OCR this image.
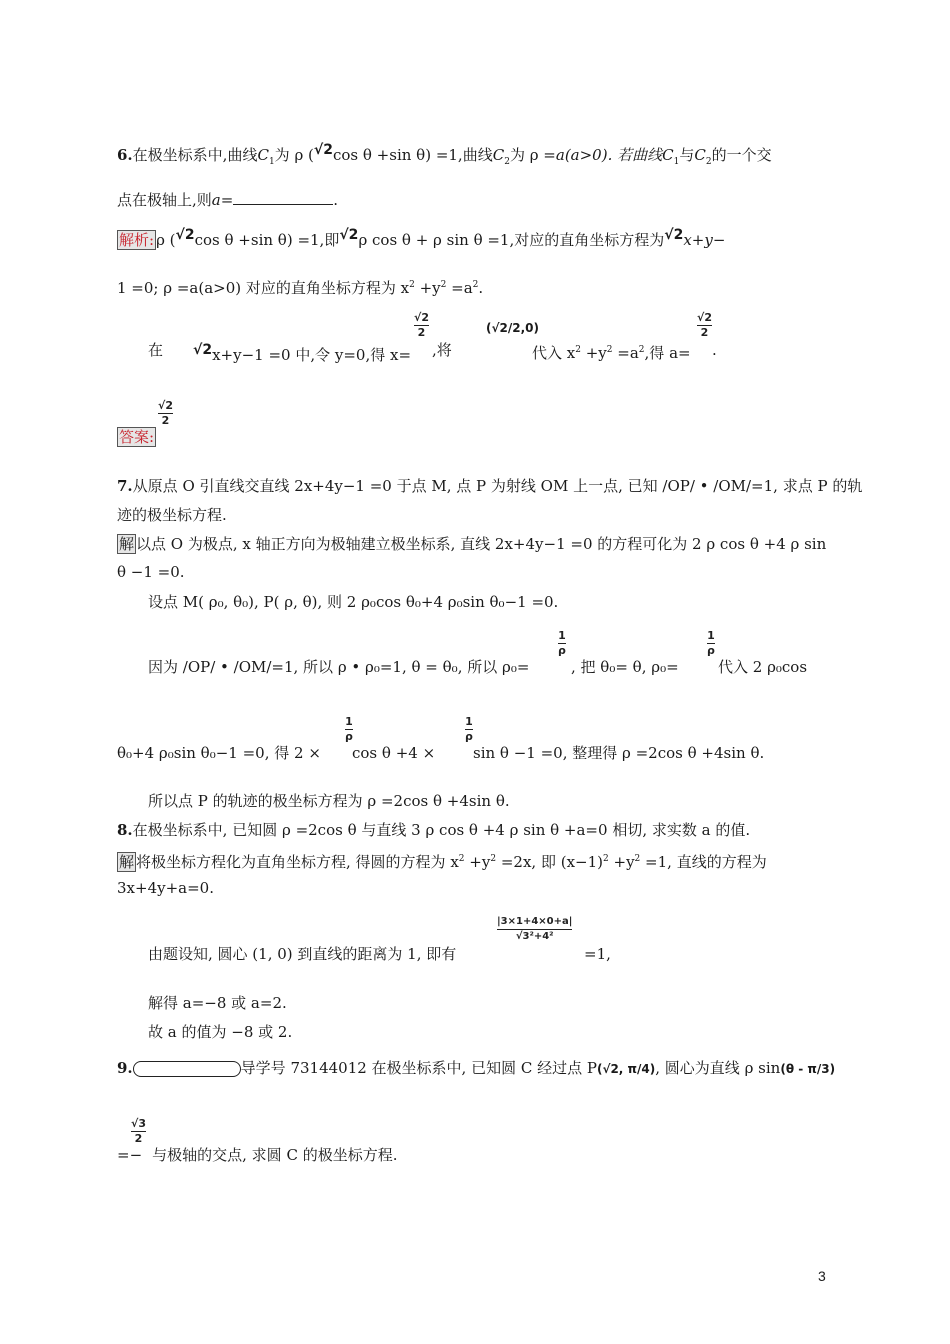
6.在极坐标系中,曲线$C_1$为 ρ ($^{√2}$cos θ +sin θ) =1,曲线$C_2$为 ρ =a(a>0). 若曲线$C_1$与$C_2$的一个交
点在极轴上,则a=	.
解析: ρ ($^{√2}$cos θ +sin θ) =1,即$^{√2}$ρ cos θ + ρ sin θ =1,对应的直角坐标方程为$^{√2}$x+y−
1 =0; ρ =a(a>0) 对应的直角坐标方程为 $x^2 +y^2 =a^2$.
在 $^{√2}$x+y−1 =0 中,令 y=0,得 x=
√2
2
,将
(√2/2,0)
代入 $x^2 +y^2 =a^2$,得 a=
√2
2
.
√2
2
答案:
7.从原点 O 引直线交直线 2x+4y−1 =0 于点 M, 点 P 为射线 OM 上一点, 已知 /OP/ • /OM/=1, 求点 P 的轨
迹的极坐标方程.
解 以点 O 为极点, x 轴正方向为极轴建立极坐标系, 直线 2x+4y−1 =0 的方程可化为 2 ρ cos θ +4 ρ sin
θ −1 =0.
设点 M( ρ₀, θ₀), P( ρ, θ), 则 2 ρ₀cos θ₀+4 ρ₀sin θ₀−1 =0.
因为 /OP/ • /OM/=1, 所以 ρ • ρ₀=1, θ = θ₀, 所以 ρ₀=
1
ρ
, 把 θ₀= θ, ρ₀=
1
ρ
代入 2 ρ₀cos
θ₀+4 ρ₀sin θ₀−1 =0, 得 2 ×
1
ρ
cos θ +4 ×
1
ρ
sin θ −1 =0, 整理得 ρ =2cos θ +4sin θ.
所以点 P 的轨迹的极坐标方程为 ρ =2cos θ +4sin θ.
8.在极坐标系中, 已知圆 ρ =2cos θ 与直线 3 ρ cos θ +4 ρ sin θ +a=0 相切, 求实数 a 的值.
解 将极坐标方程化为直角坐标方程, 得圆的方程为 $x^2 +y^2 =2x$, 即 $(x-1)^2 +y^2 =1$, 直线的方程为
3x+4y+a=0.
由题设知, 圆心 (1, 0) 到直线的距离为 1, 即有
|3×1+4×0+a|
√3²+4²
=1,
解得 a=−8 或 a=2.
故 a 的值为 −8 或 2.
9.	导学号 73144012 在极坐标系中, 已知圆 C 经过点 P(√2, π/4), 圆心为直线 ρ sin(θ - π/3)
√3
2
=− 与极轴的交点, 求圆 C 的极坐标方程.
3
